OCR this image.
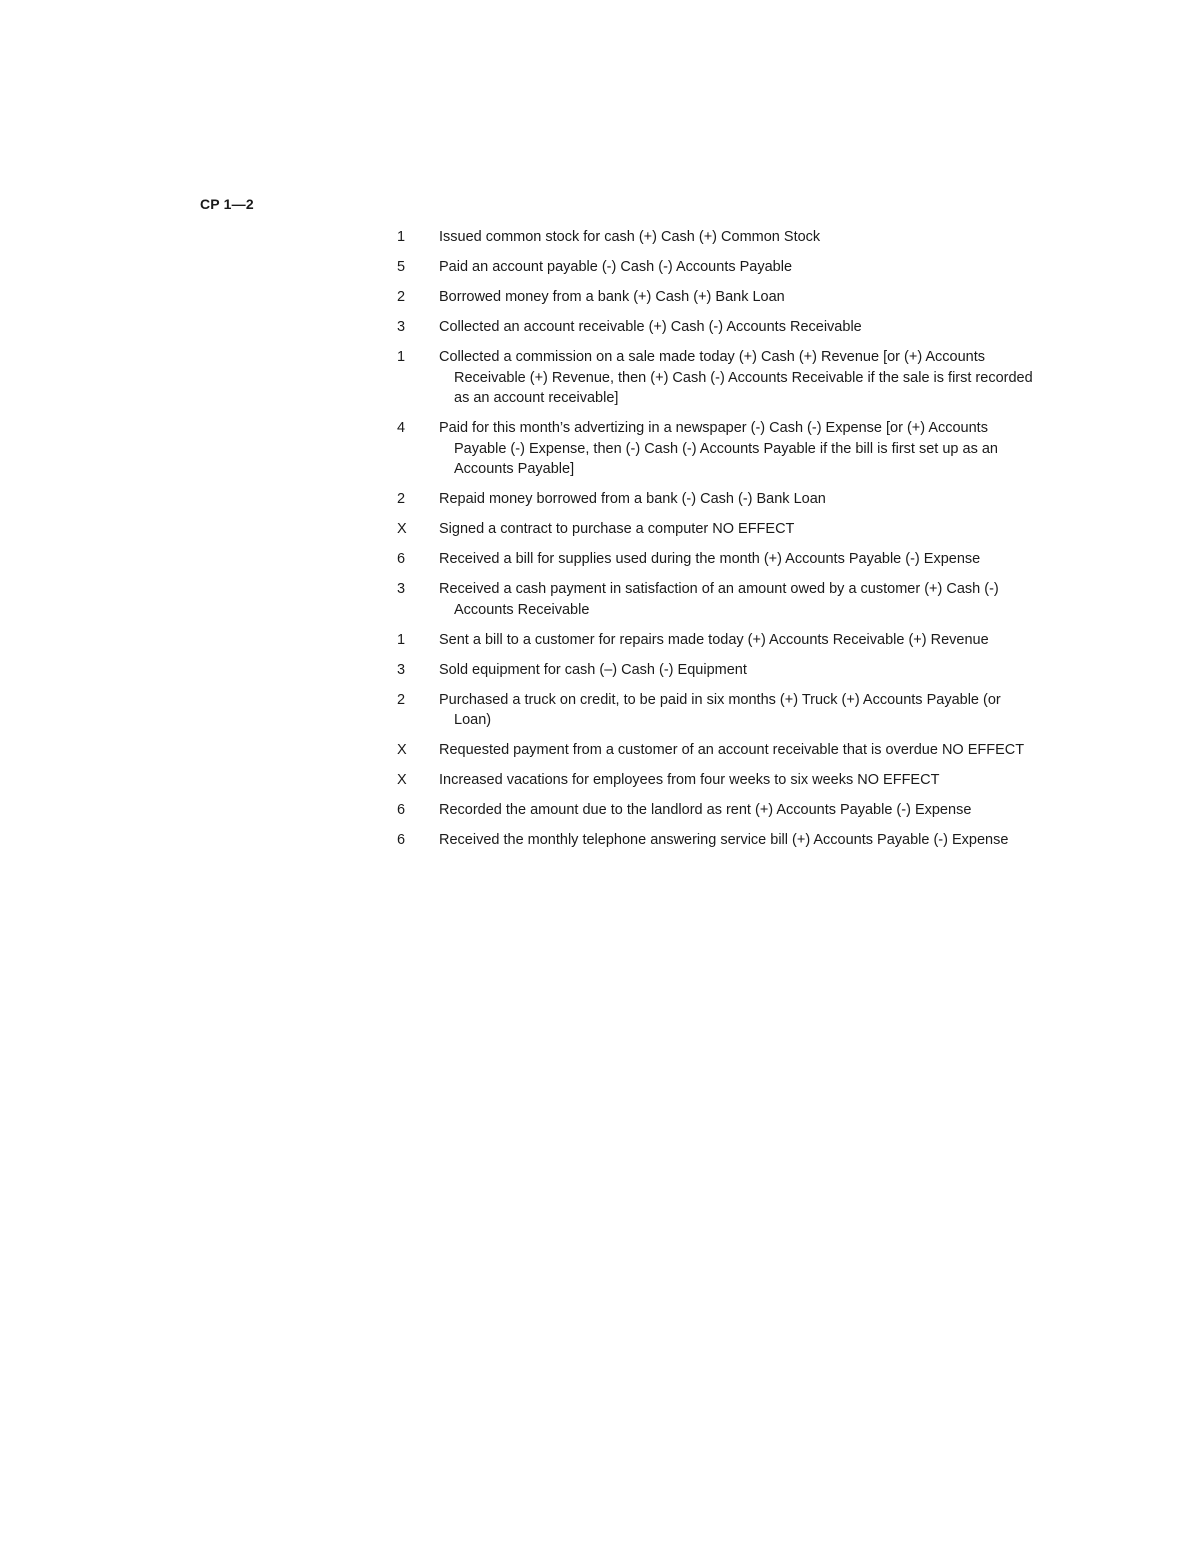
CP 1—2
1	Issued common stock for cash (+) Cash (+) Common Stock
5	Paid an account payable (-) Cash (-) Accounts Payable
2	Borrowed money from a bank (+) Cash (+) Bank Loan
3	Collected an account receivable (+) Cash (-) Accounts Receivable
1	Collected a commission on a sale made today (+) Cash (+) Revenue [or (+) Accounts Receivable (+) Revenue, then (+) Cash (-) Accounts Receivable if the sale is first recorded as an account receivable]
4	Paid for this month’s advertizing in a newspaper (-) Cash (-) Expense [or (+) Accounts Payable (-) Expense, then (-) Cash (-) Accounts Payable if the bill is first set up as an Accounts Payable]
2	Repaid money borrowed from a bank (-) Cash (-) Bank Loan
X	Signed a contract to purchase a computer NO EFFECT
6	Received a bill for supplies used during the month (+) Accounts Payable (-) Expense
3	Received a cash payment in satisfaction of an amount owed by a customer (+) Cash (-) Accounts Receivable
1	Sent a bill to a customer for repairs made today (+) Accounts Receivable (+) Revenue
3	Sold equipment for cash (–) Cash (-) Equipment
2	Purchased a truck on credit, to be paid in six months (+) Truck (+) Accounts Payable (or Loan)
X	Requested payment from a customer of an account receivable that is overdue NO EFFECT
X	Increased vacations for employees from four weeks to six weeks NO EFFECT
6	Recorded the amount due to the landlord as rent (+) Accounts Payable (-) Expense
6	Received the monthly telephone answering service bill (+) Accounts Payable (-) Expense
